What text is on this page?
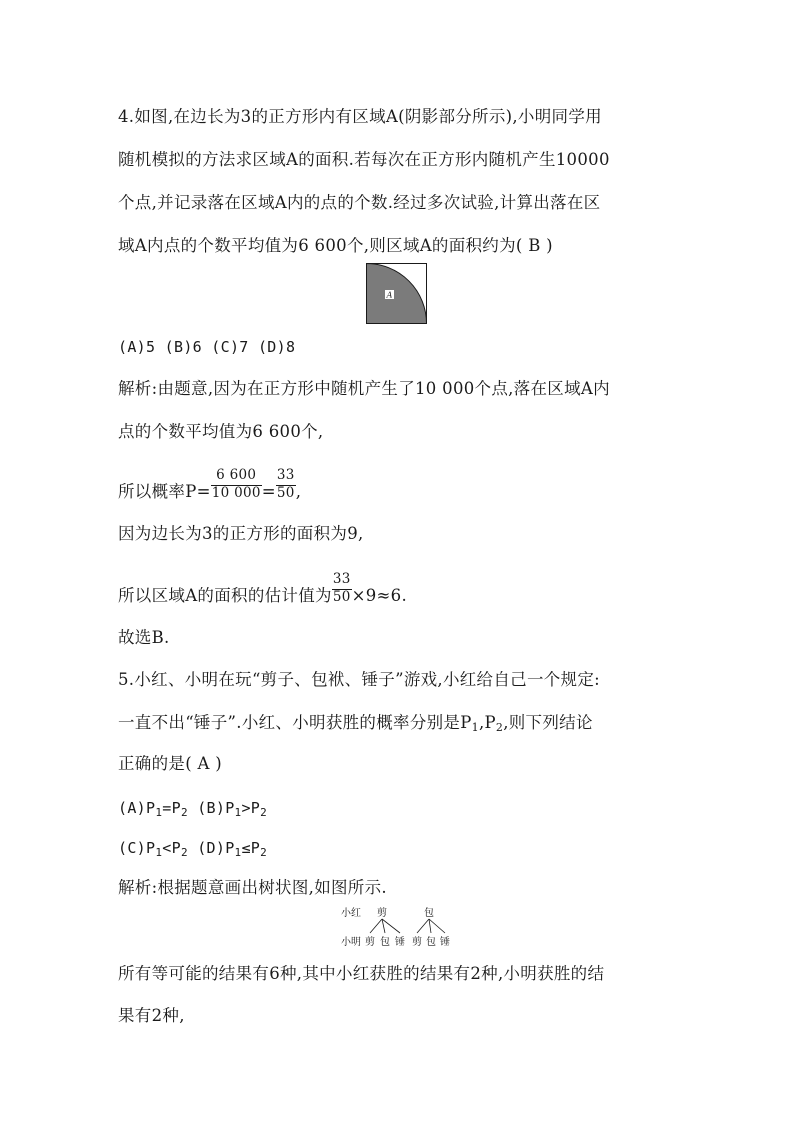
4.如图,在边长为3的正方形内有区域A(阴影部分所示),小明同学用
随机模拟的方法求区域A的面积.若每次在正方形内随机产生10000
个点,并记录落在区域A内的点的个数.经过多次试验,计算出落在区
域A内点的个数平均值为6 600个,则区域A的面积约为( B )
A
(A)5 (B)6 (C)7 (D)8
解析:由题意,因为在正方形中随机产生了10 000个点,落在区域A内
点的个数平均值为6 600个,
所以概率$P= \frac{6 600}{10 000}= \frac{33}{50}$,
因为边长为3的正方形的面积为9,
所以区域A的面积的估计值为 $\frac{33}{50}\times 9\approx 6$.
故选B.
5.小红、小明在玩“剪子、包袱、锤子”游戏,小红给自己一个规定:
一直不出“锤子”.小红、小明获胜的概率分别是$P_1,P_2$,则下列结论
正确的是( A )
$(A)P_1=P_2$ $(B)P_1>P_2$
$(C)P_1<P_2$ $(D)P_1\le P_2$
解析:根据题意画出树状图,如图所示.
小红 剪	包
小明 剪 包 锤 剪 包 锤
所有等可能的结果有6种,其中小红获胜的结果有2种,小明获胜的结
果有2种,
